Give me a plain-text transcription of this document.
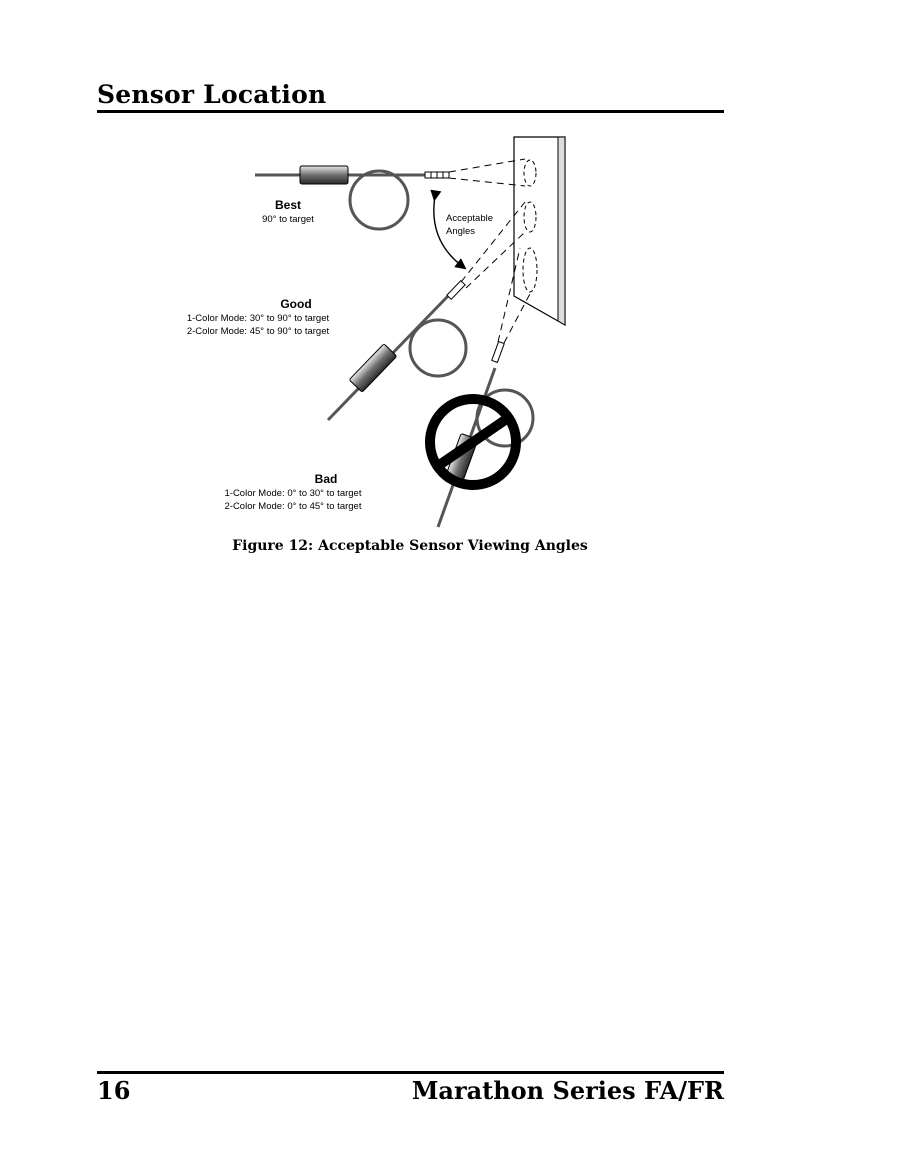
Sensor Location
Best
90° to target	Acceptable
Angles
Good
1-Color Mode: 30° to 90° to target
2-Color Mode: 45° to 90° to target
Bad
1-Color Mode: 0° to 30° to target
2-Color Mode: 0° to 45° to target
Figure 12: Acceptable Sensor Viewing Angles
16	Marathon Series FA/FR
